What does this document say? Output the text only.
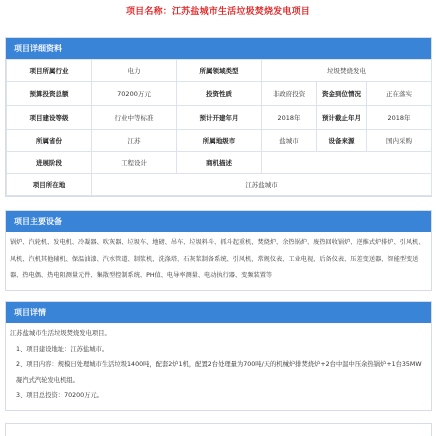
项目名称：江苏盐城市生活垃圾焚烧发电项目
项目详细资料
项目所属行业	电力	所属领域类型	垃圾焚烧发电		
预算投资总额	70200万元	投资性质	非政府投资	资金到位情况	正在落实
项目建设等级	行业中等标准	预计开建年月	2018年	预计截止年月	2018年
所属省份	江苏	所属地级市	盐城市	设备来源	国内采购
进展阶段	工程设计	商机描述			
项目所在地	江苏盐城市				
项目主要设备
锅炉、汽轮机、发电机、冷凝器、吹灰器、垃圾车、地磅、吊车、垃圾料斗、抓斗起重机、焚烧炉、余热锅炉、废热回收锅炉、逆推式炉排炉、引风机、风机、汽机其他辅机、保温油漆、汽水管道、制浆机、洗涤塔、石灰浆制备系统、引风机、常规仪表、工业电视、后备仪表、压差变送器、智能型变送器、热电偶、热电阻测量元件、集散型控制系统、PH值、电导率测量、电动执行器、变频装置等
项目详情

江苏盐城市生活垃圾焚烧发电项目。

1、项目建设地址：江苏盐城市。

2、项目内容：规模日处理城市生活垃圾1400吨，配套2炉1机，配置2台处理量为700吨/天的机械炉排焚烧炉+2台中温中压余热锅炉+1台35MW凝汽式汽轮发电机组。

3、项目总投资：70200万元。
